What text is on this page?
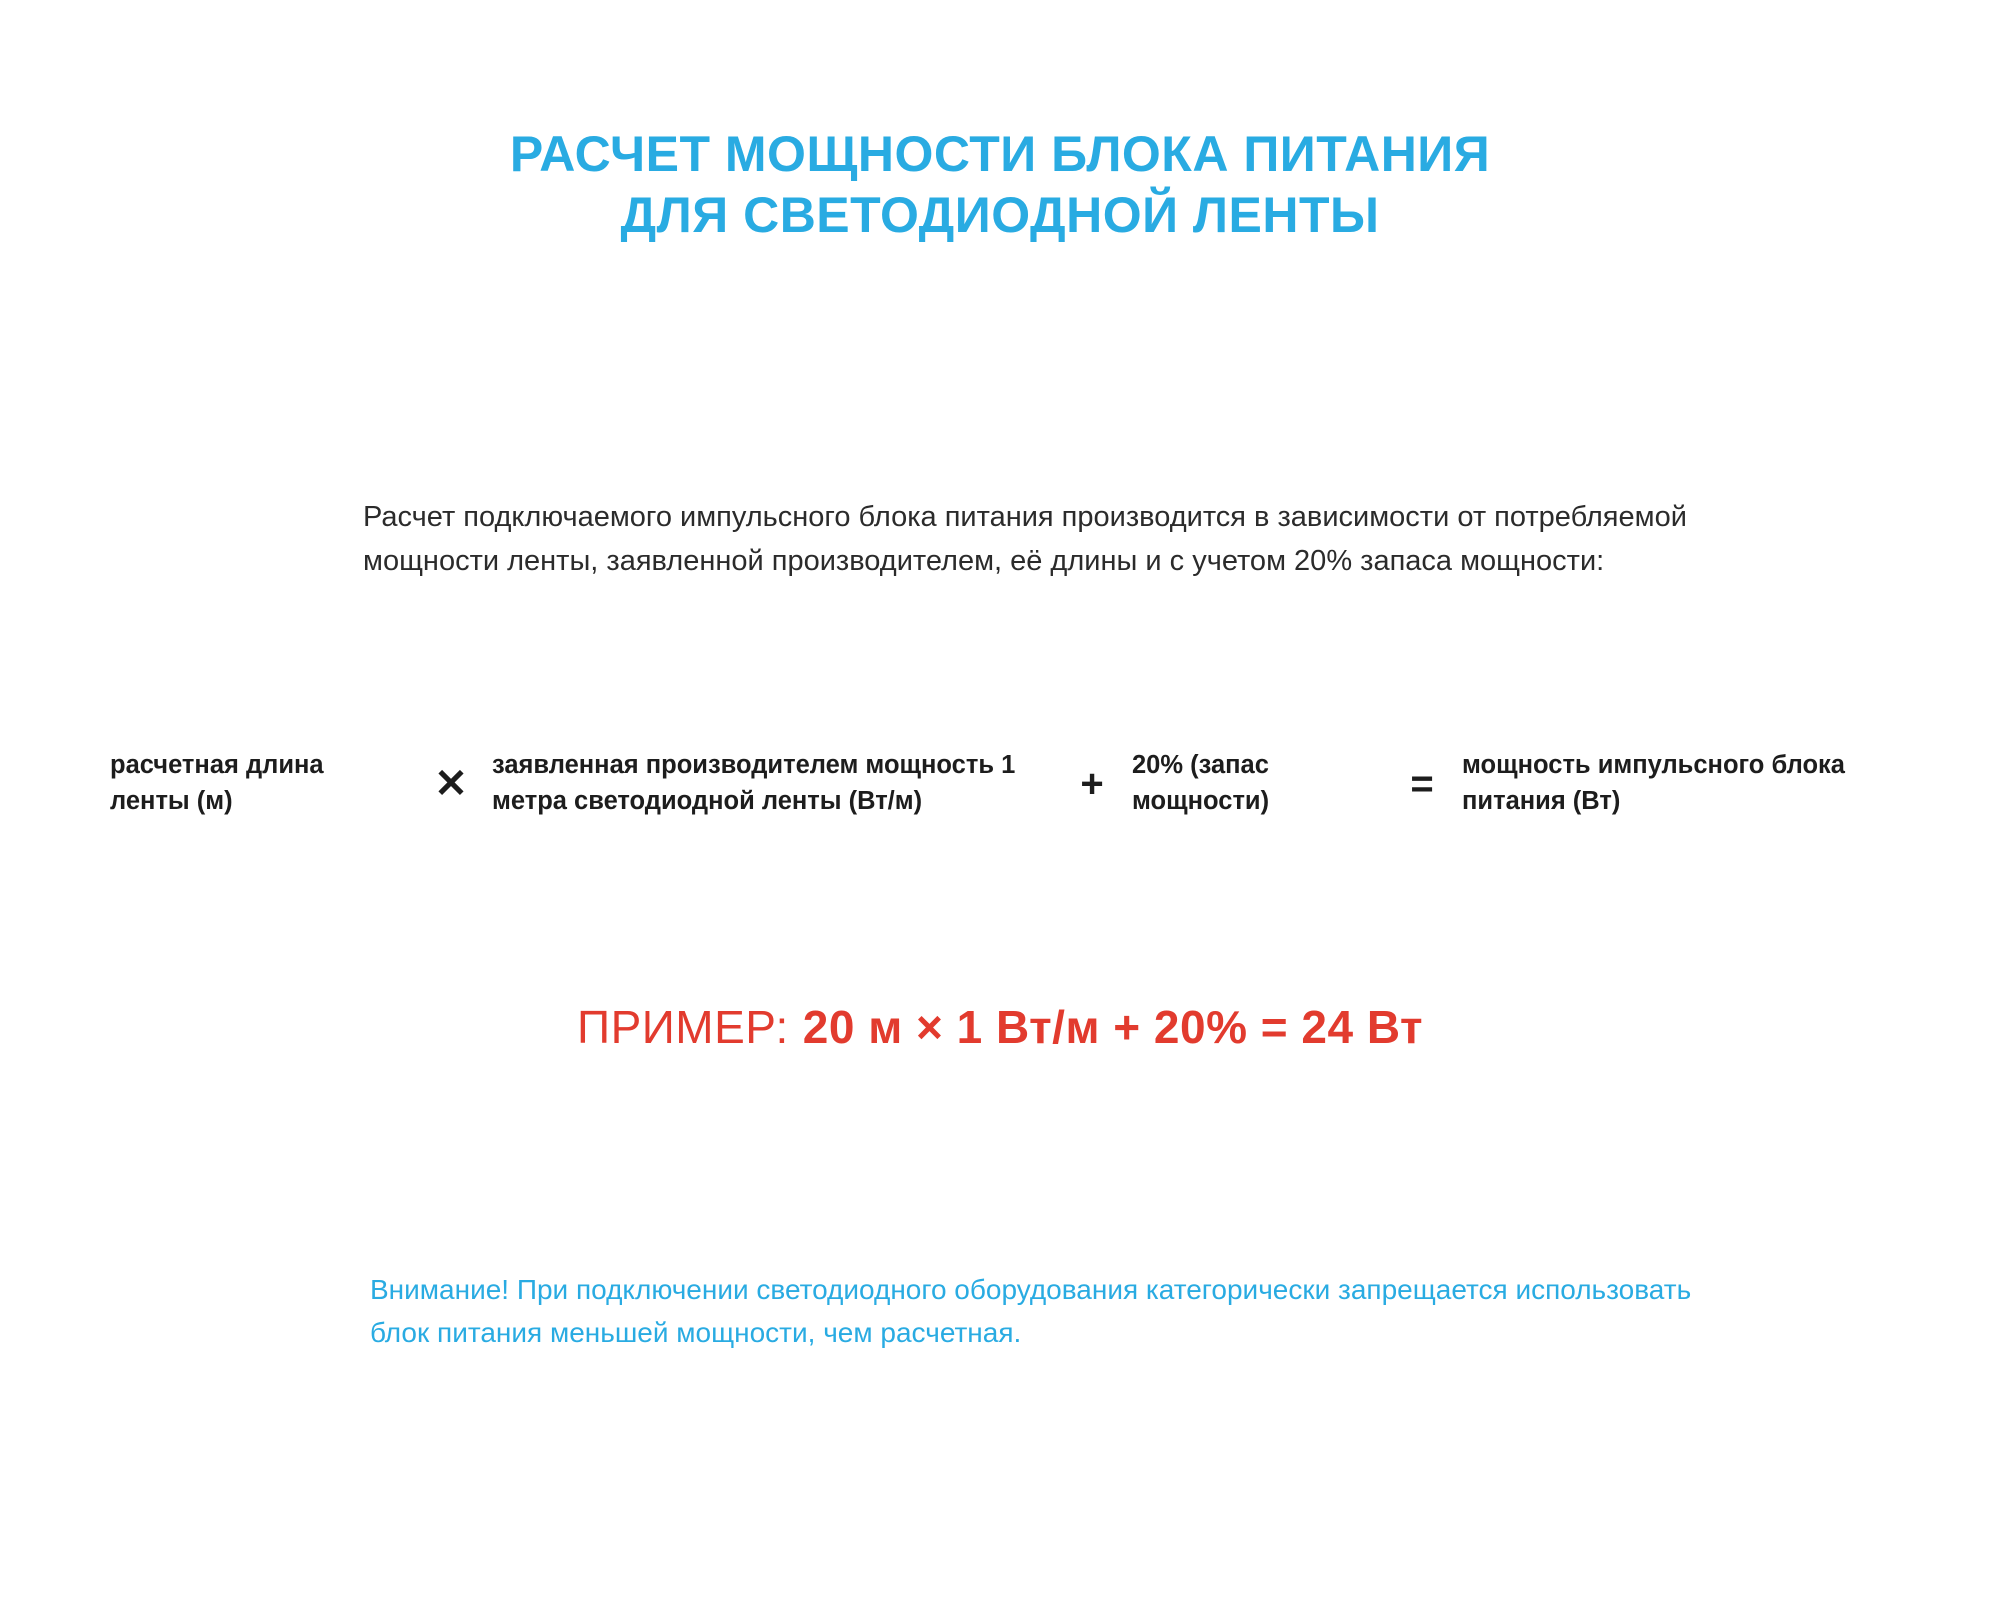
РАСЧЕТ МОЩНОСТИ БЛОКА ПИТАНИЯ
ДЛЯ СВЕТОДИОДНОЙ ЛЕНТЫ
Расчет подключаемого импульсного блока питания производится в зависимости от потребляемой мощности ленты, заявленной производителем, её длины и с учетом 20% запаса мощности:
расчетная длина ленты (м)	✕ заявленная производителем мощность 1 метра светодиодной ленты (Вт/м)	+	20% (запас мощности)	=	мощность импульсного блока питания (Вт)
ПРИМЕР: 20 м × 1 Вт/м + 20% = 24 Вт
Внимание! При подключении светодиодного оборудования категорически запрещается использовать блок питания меньшей мощности, чем расчетная.
